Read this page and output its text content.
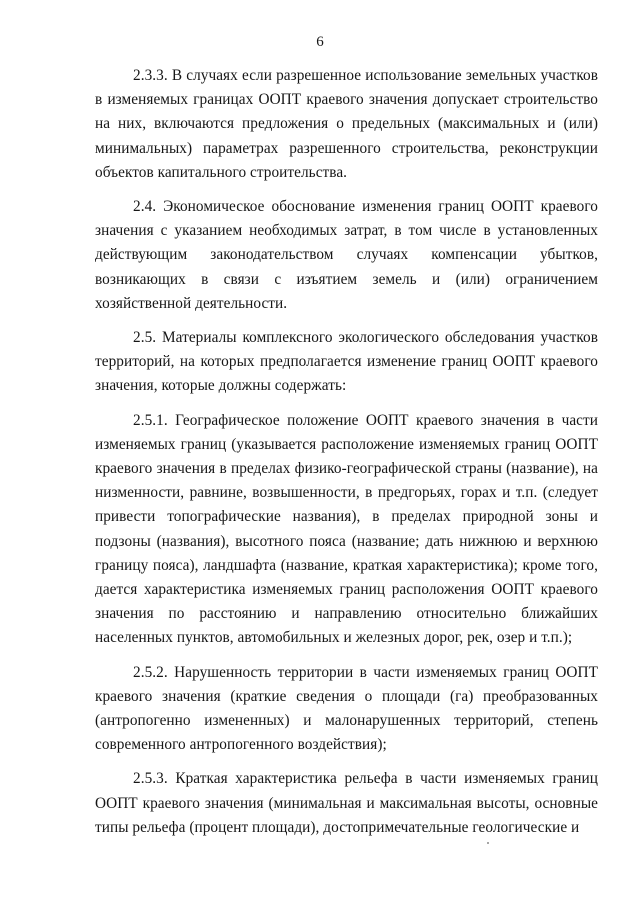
6

2.3.3. В случаях если разрешенное использование земельных участков в изменяемых границах ООПТ краевого значения допускает строительство на них, включаются предложения о предельных (максимальных и (или) минимальных) параметрах разрешенного строительства, реконструкции объектов капитального строительства.

2.4. Экономическое обоснование изменения границ ООПТ краевого значения с указанием необходимых затрат, в том числе в установленных действующим законодательством случаях компенсации убытков, возникающих в связи с изъятием земель и (или) ограничением хозяйственной деятельности.

2.5. Материалы комплексного экологического обследования участков территорий, на которых предполагается изменение границ ООПТ краевого значения, которые должны содержать:

2.5.1. Географическое положение ООПТ краевого значения в части изменяемых границ (указывается расположение изменяемых границ ООПТ краевого значения в пределах физико-географической страны (название), на низменности, равнине, возвышенности, в предгорьях, горах и т.п. (следует привести топографические названия), в пределах природной зоны и подзоны (названия), высотного пояса (название; дать нижнюю и верхнюю границу пояса), ландшафта (название, краткая характеристика); кроме того, дается характеристика изменяемых границ расположения ООПТ краевого значения по расстоянию и направлению относительно ближайших населенных пунктов, автомобильных и железных дорог, рек, озер и т.п.);

2.5.2. Нарушенность территории в части изменяемых границ ООПТ краевого значения (краткие сведения о площади (га) преобразованных (антропогенно измененных) и малонарушенных территорий, степень современного антропогенного воздействия);

2.5.3. Краткая характеристика рельефа в части изменяемых границ ООПТ краевого значения (минимальная и максимальная высоты, основные типы рельефа (процент площади), достопримечательные геологические и
